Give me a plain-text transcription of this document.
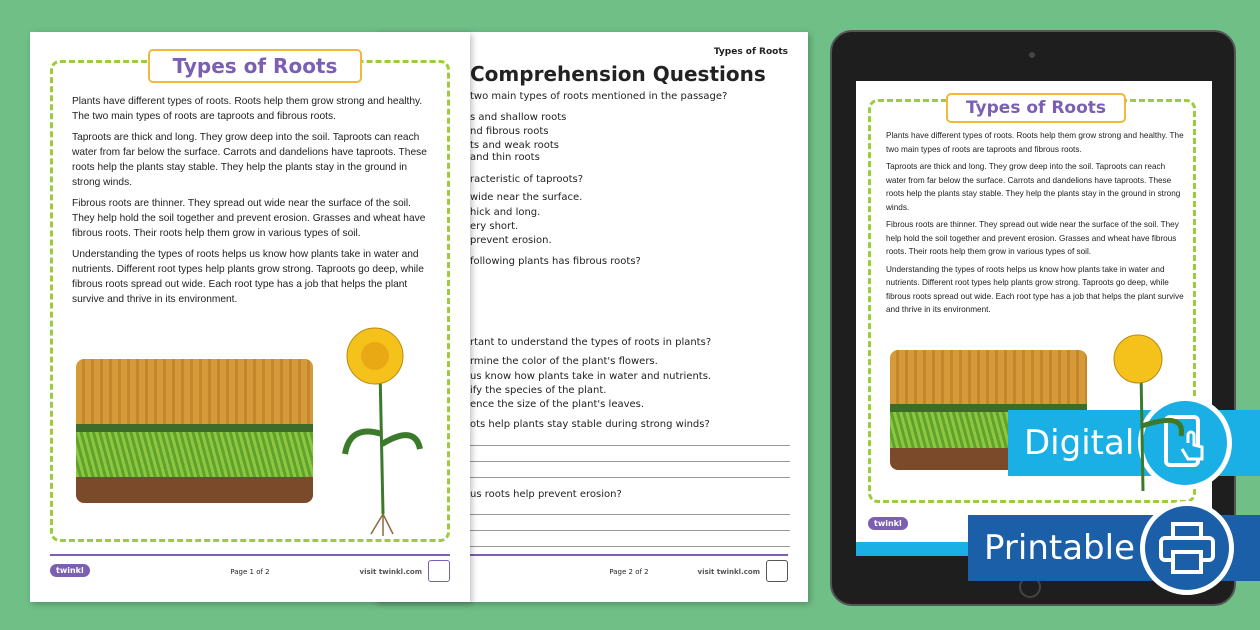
Types of Roots
Comprehension Questions
two main types of roots mentioned in the passage?
s and shallow roots
nd fibrous roots
ts and weak roots
and thin roots
racteristic of taproots?
wide near the surface.
hick and long.
ery short.
prevent erosion.
following plants has fibrous roots?
rtant to understand the types of roots in plants?
rmine the color of the plant's flowers.
us know how plants take in water and nutrients.
ify the species of the plant.
ence the size of the plant's leaves.
ots help plants stay stable during strong winds?
us roots help prevent erosion?
Page 2 of 2	visit twinkl.com
Types of Roots

Plants have different types of roots. Roots help them grow strong and healthy. The two main types of roots are taproots and fibrous roots.

Taproots are thick and long. They grow deep into the soil. Taproots can reach water from far below the surface. Carrots and dandelions have taproots. These roots help the plants stay stable. They help the plants stay in the ground in strong winds.

Fibrous roots are thinner. They spread out wide near the surface of the soil. They help hold the soil together and prevent erosion. Grasses and wheat have fibrous roots. Their roots help them grow in various types of soil.

Understanding the types of roots helps us know how plants take in water and nutrients. Different root types help plants grow strong. Taproots go deep, while fibrous roots spread out wide. Each root type has a job that helps the plant survive and thrive in its environment.

twinkl	Page 1 of 2	visit twinkl.com
Types of Roots

Plants have different types of roots. Roots help them grow strong and healthy. The two main types of roots are taproots and fibrous roots.

Taproots are thick and long. They grow deep into the soil. Taproots can reach water from far below the surface. Carrots and dandelions have taproots. These roots help the plants stay stable. They help the plants stay in the ground in strong winds.

Fibrous roots are thinner. They spread out wide near the surface of the soil. They help hold the soil together and prevent erosion. Grasses and wheat have fibrous roots. Their roots help them grow in various types of soil.

Understanding the types of roots helps us know how plants take in water and nutrients. Different root types help plants grow strong. Taproots go deep, while fibrous roots spread out wide. Each root type has a job that helps the plant survive and thrive in its environment.

twinkl
Digital
Printable
